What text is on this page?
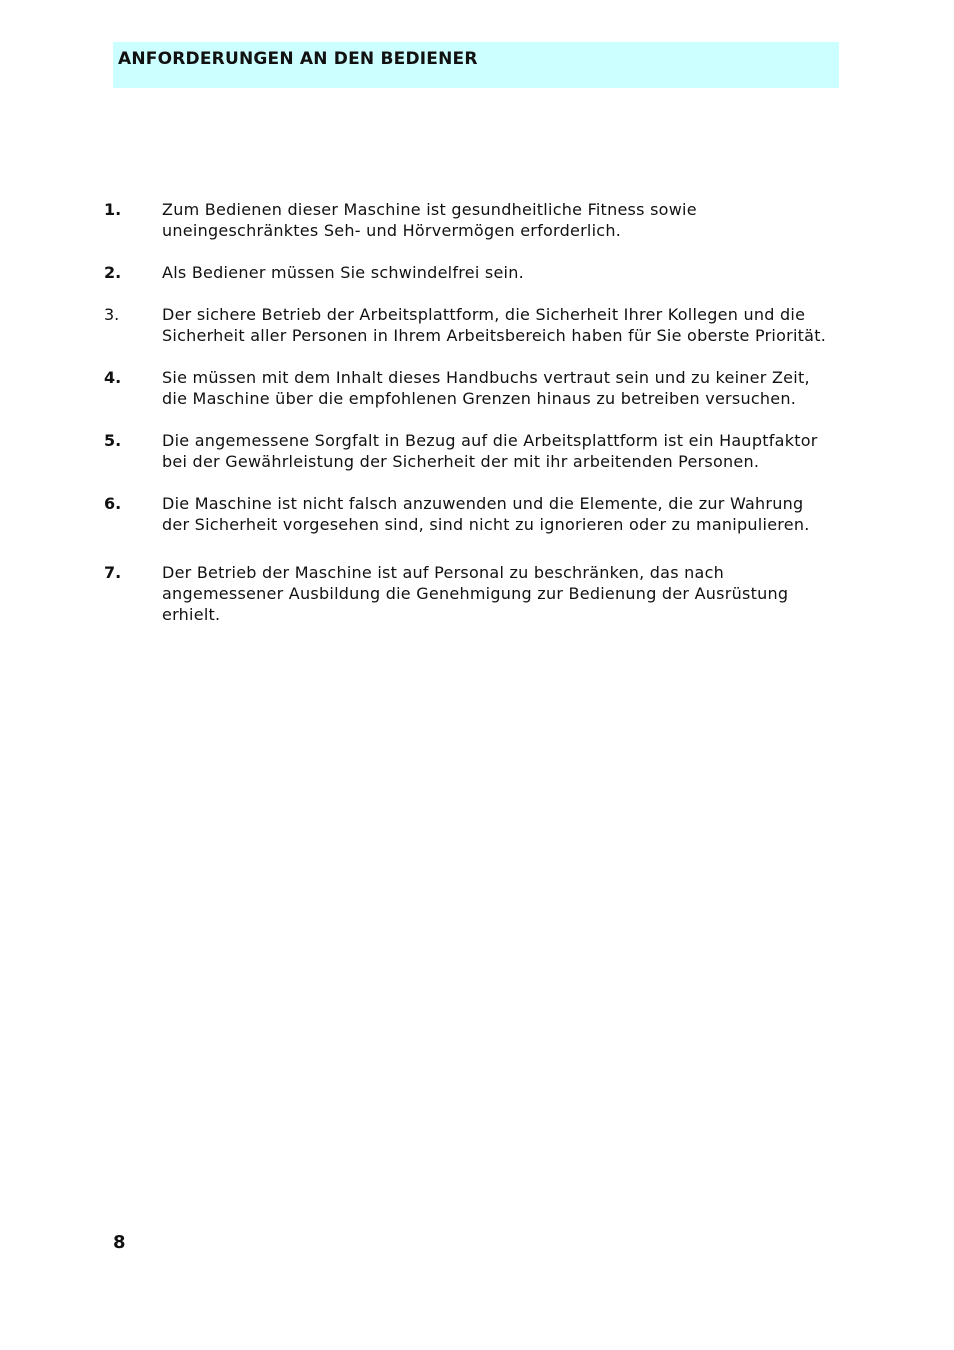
ANFORDERUNGEN AN DEN BEDIENER
1.	Zum Bedienen dieser Maschine ist gesundheitliche Fitness sowie uneingeschränktes Seh- und Hörvermögen erforderlich.
2.	Als Bediener müssen Sie schwindelfrei sein.
3.	Der sichere Betrieb der Arbeitsplattform, die Sicherheit Ihrer Kollegen und die Sicherheit aller Personen in Ihrem Arbeitsbereich haben für Sie oberste Priorität.
4.	Sie müssen mit dem Inhalt dieses Handbuchs vertraut sein und zu keiner Zeit, die Maschine über die empfohlenen Grenzen hinaus zu betreiben versuchen.
5.	Die angemessene Sorgfalt in Bezug auf die Arbeitsplattform ist ein Hauptfaktor bei der Gewährleistung der Sicherheit der mit ihr arbeitenden Personen.
6.	Die Maschine ist nicht falsch anzuwenden und die Elemente, die zur Wahrung der Sicherheit vorgesehen sind, sind nicht zu ignorieren oder zu manipulieren.
7.	Der Betrieb der Maschine ist auf Personal zu beschränken, das nach angemessener Ausbildung die Genehmigung zur Bedienung der Ausrüstung erhielt.
8
